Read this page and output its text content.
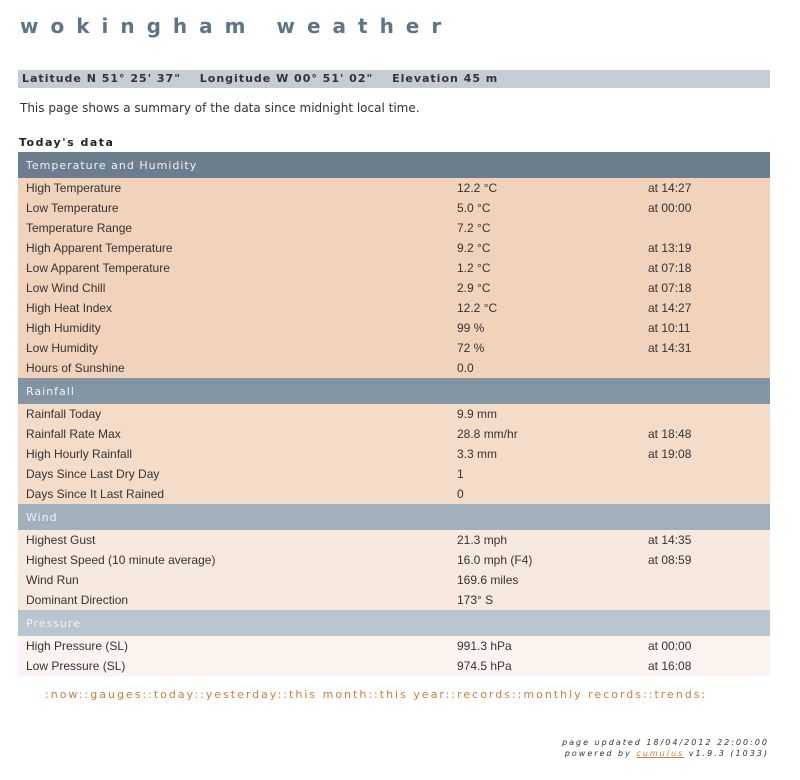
wokingham weather
Latitude N 51° 25' 37" Longitude W 00° 51' 02" Elevation 45 m
This page shows a summary of the data since midnight local time.
Today's data
Temperature and Humidity		
High Temperature	12.2 °C	at 14:27
Low Temperature	5.0 °C	at 00:00
Temperature Range	7.2 °C	
High Apparent Temperature	9.2 °C	at 13:19
Low Apparent Temperature	1.2 °C	at 07:18
Low Wind Chill	2.9 °C	at 07:18
High Heat Index	12.2 °C	at 14:27
High Humidity	99 %	at 10:11
Low Humidity	72 %	at 14:31
Hours of Sunshine	0.0	
Rainfall		
Rainfall Today	9.9 mm	
Rainfall Rate Max	28.8 mm/hr	at 18:48
High Hourly Rainfall	3.3 mm	at 19:08
Days Since Last Dry Day	1	
Days Since It Last Rained	0	
Wind		
Highest Gust	21.3 mph	at 14:35
Highest Speed (10 minute average)	16.0 mph (F4)	at 08:59
Wind Run	169.6 miles	
Dominant Direction	173° S	
Pressure		
High Pressure (SL)	991.3 hPa	at 00:00
Low Pressure (SL)	974.5 hPa	at 16:08
:now::gauges::today::yesterday::this month::this year::records::monthly records::trends:
page updated 18/04/2012 22:00:00
powered by cumulus v1.9.3 (1033)
